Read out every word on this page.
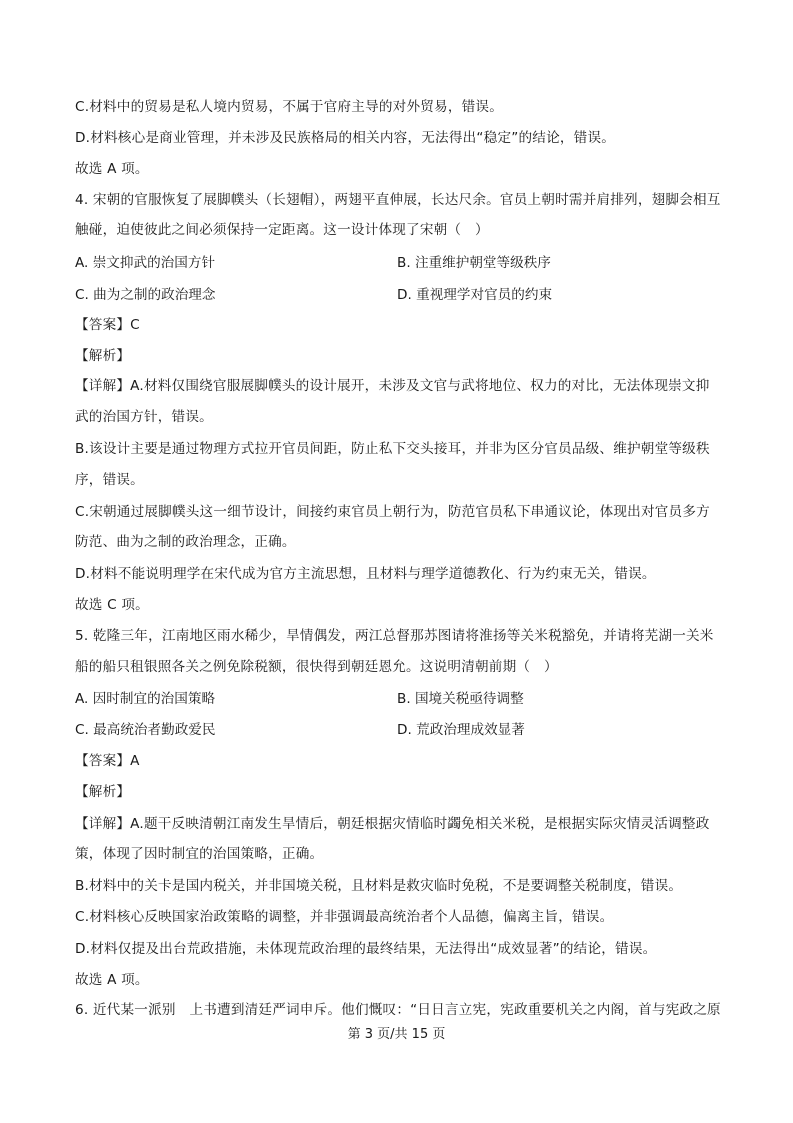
C.材料中的贸易是私人境内贸易，不属于官府主导的对外贸易，错误。
D.材料核心是商业管理，并未涉及民族格局的相关内容，无法得出“稳定”的结论，错误。
故选 A 项。
4. 宋朝的官服恢复了展脚幞头（长翅帽），两翅平直伸展，长达尺余。官员上朝时需并肩排列，翅脚会相互
触碰，迫使彼此之间必须保持一定距离。这一设计体现了宋朝（　）
A. 崇文抑武的治国方针	B. 注重维护朝堂等级秩序
C. 曲为之制的政治理念	D. 重视理学对官员的约束
【答案】C
【解析】
【详解】A.材料仅围绕官服展脚幞头的设计展开，未涉及文官与武将地位、权力的对比，无法体现崇文抑
武的治国方针，错误。
B.该设计主要是通过物理方式拉开官员间距，防止私下交头接耳，并非为区分官员品级、维护朝堂等级秩
序，错误。
C.宋朝通过展脚幞头这一细节设计，间接约束官员上朝行为，防范官员私下串通议论，体现出对官员多方
防范、曲为之制的政治理念，正确。
D.材料不能说明理学在宋代成为官方主流思想，且材料与理学道德教化、行为约束无关，错误。
故选 C 项。
5. 乾隆三年，江南地区雨水稀少，旱情偶发，两江总督那苏图请将淮扬等关米税豁免，并请将芜湖一关米
船的船只租银照各关之例免除税额，很快得到朝廷恩允。这说明清朝前期（　）
A. 因时制宜的治国策略	B. 国境关税亟待调整
C. 最高统治者勤政爱民	D. 荒政治理成效显著
【答案】A
【解析】
【详解】A.题干反映清朝江南发生旱情后，朝廷根据灾情临时蠲免相关米税，是根据实际灾情灵活调整政
策，体现了因时制宜的治国策略，正确。
B.材料中的关卡是国内税关，并非国境关税，且材料是救灾临时免税，不是要调整关税制度，错误。
C.材料核心反映国家治政策略的调整，并非强调最高统治者个人品德，偏离主旨，错误。
D.材料仅提及出台荒政措施，未体现荒政治理的最终结果，无法得出“成效显著”的结论，错误。
故选 A 项。
6. 近代某一派别　上书遭到清廷严词申斥。他们慨叹：“日日言立宪，宪政重要机关之内阁，首与宪政之原
第 3 页/共 15 页
